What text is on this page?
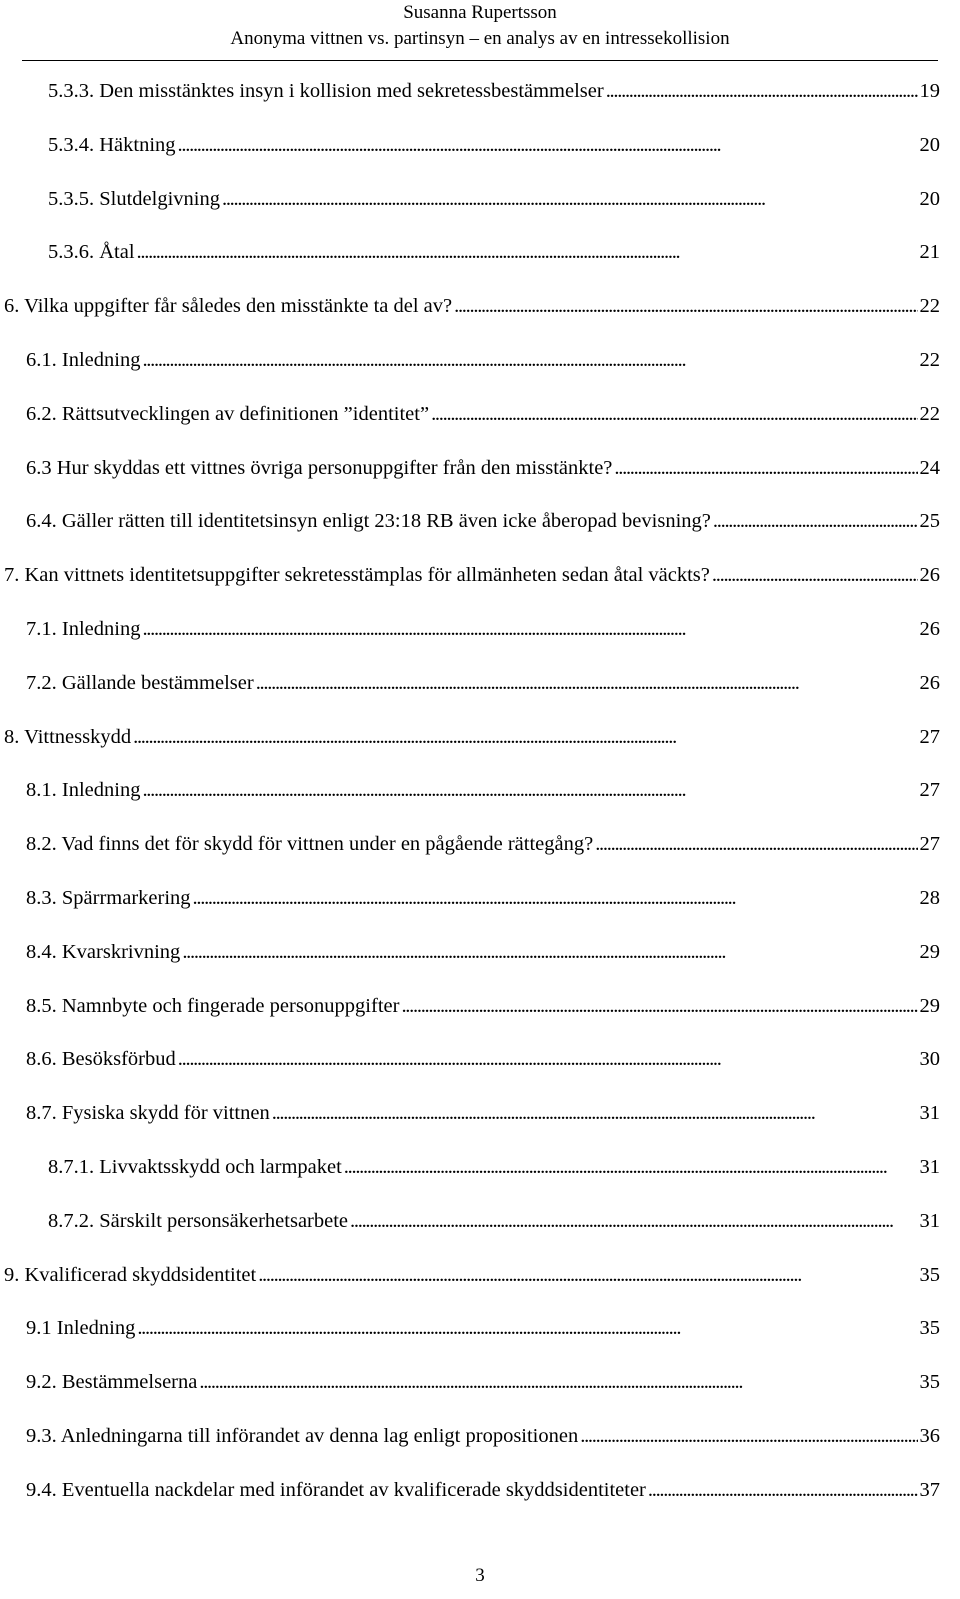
Susanna Rupertsson
Anonyma vittnen vs. partinsyn – en analys av en intressekollision
5.3.3. Den misstänktes insyn i kollision med sekretessbestämmelser . . .	19
5.3.4. Häktning . . .	20
5.3.5. Slutdelgivning . . .	20
5.3.6. Åtal . . .	21
6. Vilka uppgifter får således den misstänkte ta del av? . . .	22
6.1. Inledning . . .	22
6.2. Rättsutvecklingen av definitionen ”identitet” . . .	22
6.3 Hur skyddas ett vittnes övriga personuppgifter från den misstänkte? . . .	24
6.4. Gäller rätten till identitetsinsyn enligt 23:18 RB även icke åberopad bevisning? . . .	25
7. Kan vittnets identitetsuppgifter sekretesstämplas för allmänheten sedan åtal väckts? . . .	26
7.1. Inledning . . .	26
7.2. Gällande bestämmelser . . .	26
8. Vittnesskydd . . .	27
8.1. Inledning . . .	27
8.2. Vad finns det för skydd för vittnen under en pågående rättegång? . . .	27
8.3. Spärrmarkering . . .	28
8.4. Kvarskrivning . . .	29
8.5. Namnbyte och fingerade personuppgifter . . .	29
8.6. Besöksförbud . . .	30
8.7. Fysiska skydd för vittnen . . .	31
8.7.1. Livvaktsskydd och larmpaket . . .	31
8.7.2. Särskilt personsäkerhetsarbete . . .	31
9. Kvalificerad skyddsidentitet . . .	35
9.1 Inledning . . .	35
9.2. Bestämmelserna . . .	35
9.3. Anledningarna till införandet av denna lag enligt propositionen . . .	36
9.4. Eventuella nackdelar med införandet av kvalificerade skyddsidentiteter . . .	37
3
